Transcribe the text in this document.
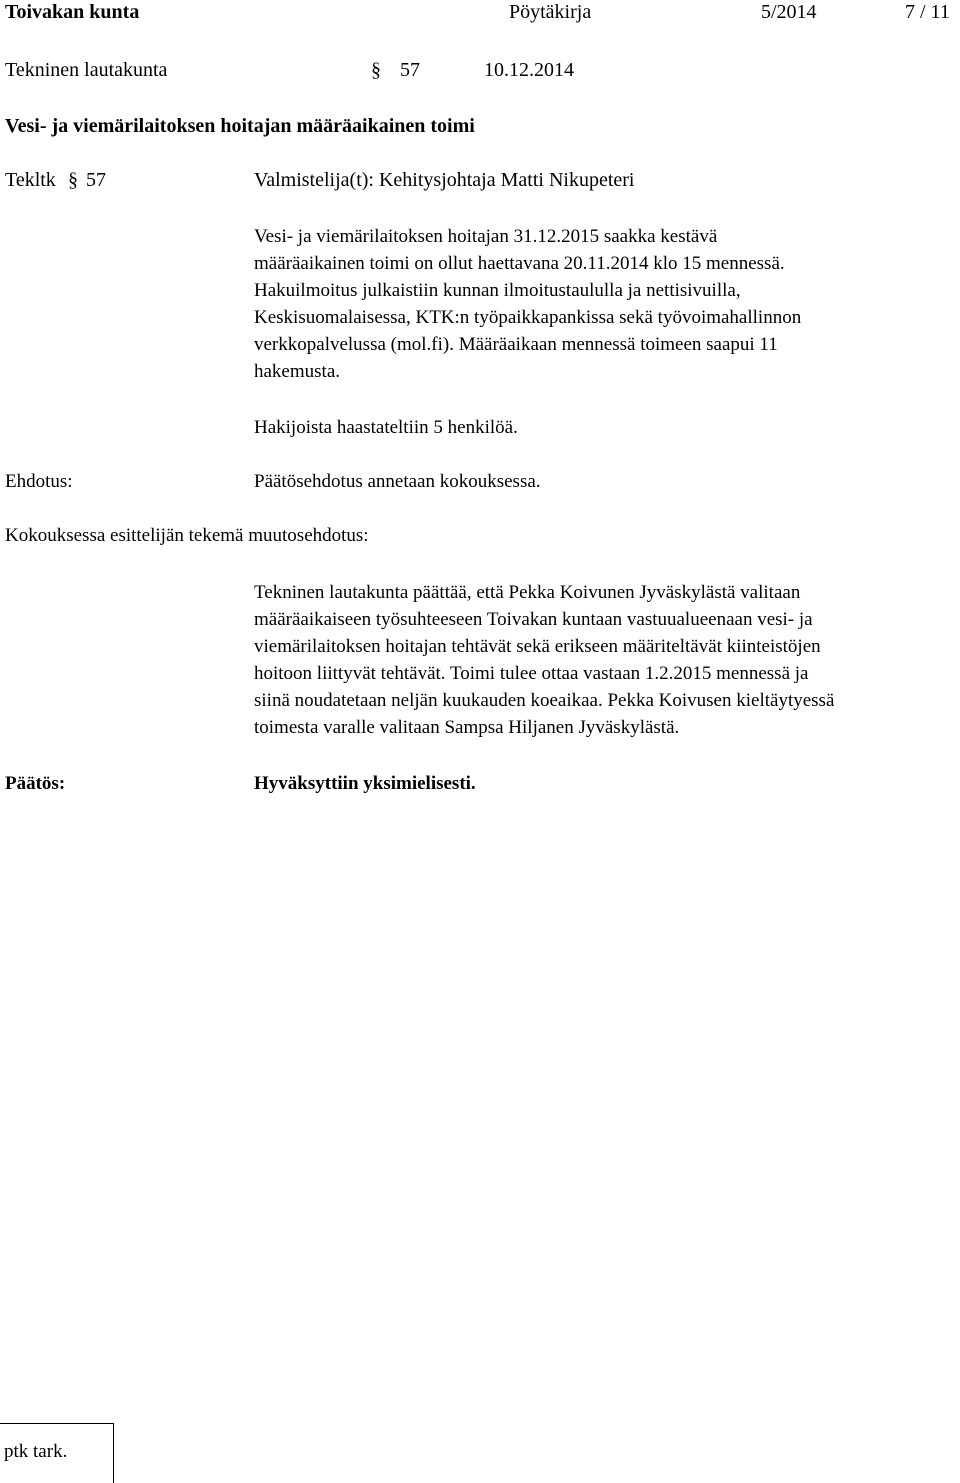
Toivakan kunta	Pöytäkirja	5/2014	7 / 11
Tekninen lautakunta	§ 57	10.12.2014
Vesi- ja viemärilaitoksen hoitajan määräaikainen toimi
Tekltk § 57	Valmistelija(t): Kehitysjohtaja Matti Nikupeteri
Vesi- ja viemärilaitoksen hoitajan 31.12.2015 saakka kestävä
määräaikainen toimi on ollut haettavana 20.11.2014 klo 15 mennessä.
Hakuilmoitus julkaistiin kunnan ilmoitustaululla ja nettisivuilla,
Keskisuomalaisessa, KTK:n työpaikkapankissa sekä työvoimahallinnon
verkkopalvelussa (mol.fi). Määräaikaan mennessä toimeen saapui 11
hakemusta.
Hakijoista haastateltiin 5 henkilöä.
Ehdotus:	Päätösehdotus annetaan kokouksessa.
Kokouksessa esittelijän tekemä muutosehdotus:
Tekninen lautakunta päättää, että Pekka Koivunen Jyväskylästä valitaan
määräaikaiseen työsuhteeseen Toivakan kuntaan vastuualueenaan vesi- ja
viemärilaitoksen hoitajan tehtävät sekä erikseen määriteltävät kiinteistöjen
hoitoon liittyvät tehtävät. Toimi tulee ottaa vastaan 1.2.2015 mennessä ja
siinä noudatetaan neljän kuukauden koeaikaa. Pekka Koivusen kieltäytyessä
toimesta varalle valitaan Sampsa Hiljanen Jyväskylästä.
Päätös:	Hyväksyttiin yksimielisesti.
ptk tark.
